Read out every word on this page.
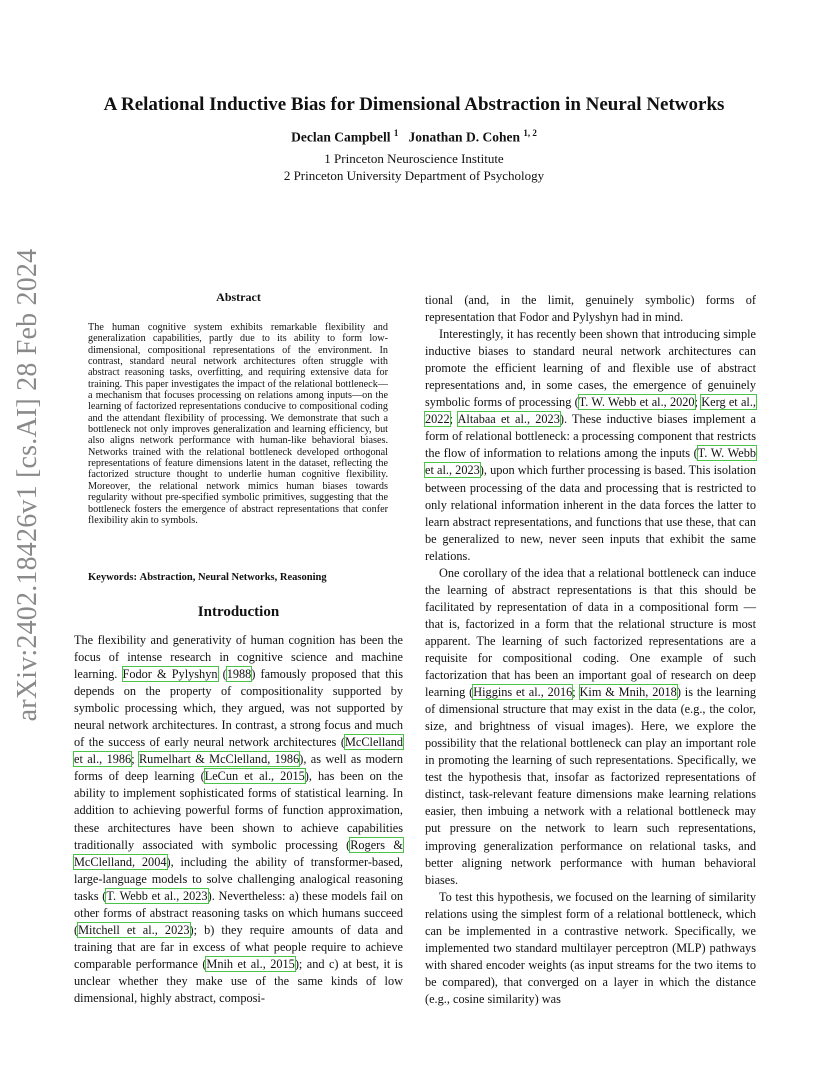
arXiv:2402.18426v1 [cs.AI] 28 Feb 2024
A Relational Inductive Bias for Dimensional Abstraction in Neural Networks
Declan Campbell $^1$ Jonathan D. Cohen $^{1, 2}$
1 Princeton Neuroscience Institute
2 Princeton University Department of Psychology
Abstract
The human cognitive system exhibits remarkable flexibility and generalization capabilities, partly due to its ability to form low-dimensional, compositional representations of the environment. In contrast, standard neural network architectures often struggle with abstract reasoning tasks, overfitting, and requiring extensive data for training. This paper investigates the impact of the relational bottleneck—a mechanism that focuses processing on relations among inputs—on the learning of factorized representations conducive to compositional coding and the attendant flexibility of processing. We demonstrate that such a bottleneck not only improves generalization and learning efficiency, but also aligns network performance with human-like behavioral biases. Networks trained with the relational bottleneck developed orthogonal representations of feature dimensions latent in the dataset, reflecting the factorized structure thought to underlie human cognitive flexibility. Moreover, the relational network mimics human biases towards regularity without pre-specified symbolic primitives, suggesting that the bottleneck fosters the emergence of abstract representations that confer flexibility akin to symbols.
Keywords: Abstraction, Neural Networks, Reasoning
Introduction

The flexibility and generativity of human cognition has been the focus of intense research in cognitive science and machine learning. Fodor & Pylyshyn (1988) famously proposed that this depends on the property of compositionality supported by symbolic processing which, they argued, was not supported by neural network architectures. In contrast, a strong focus and much of the success of early neural network architectures (McClelland et al., 1986; Rumelhart & McClelland, 1986), as well as modern forms of deep learning (LeCun et al., 2015), has been on the ability to implement sophisticated forms of statistical learning. In addition to achieving powerful forms of function approximation, these architectures have been shown to achieve capabilities traditionally associated with symbolic processing (Rogers & McClelland, 2004), including the ability of transformer-based, large-language models to solve challenging analogical reasoning tasks (T. Webb et al., 2023). Nevertheless: a) these models fail on other forms of abstract reasoning tasks on which humans succeed (Mitchell et al., 2023); b) they require amounts of data and training that are far in excess of what people require to achieve comparable performance (Mnih et al., 2015); and c) at best, it is unclear whether they make use of the same kinds of low dimensional, highly abstract, composi-

tional (and, in the limit, genuinely symbolic) forms of representation that Fodor and Pylyshyn had in mind.

Interestingly, it has recently been shown that introducing simple inductive biases to standard neural network architectures can promote the efficient learning of and flexible use of abstract representations and, in some cases, the emergence of genuinely symbolic forms of processing (T. W. Webb et al., 2020; Kerg et al., 2022; Altabaa et al., 2023). These inductive biases implement a form of relational bottleneck: a processing component that restricts the flow of information to relations among the inputs (T. W. Webb et al., 2023), upon which further processing is based. This isolation between processing of the data and processing that is restricted to only relational information inherent in the data forces the latter to learn abstract representations, and functions that use these, that can be generalized to new, never seen inputs that exhibit the same relations.

One corollary of the idea that a relational bottleneck can induce the learning of abstract representations is that this should be facilitated by representation of data in a compositional form — that is, factorized in a form that the relational structure is most apparent. The learning of such factorized representations are a requisite for compositional coding. One example of such factorization that has been an important goal of research on deep learning (Higgins et al., 2016; Kim & Mnih, 2018) is the learning of dimensional structure that may exist in the data (e.g., the color, size, and brightness of visual images). Here, we explore the possibility that the relational bottleneck can play an important role in promoting the learning of such representations. Specifically, we test the hypothesis that, insofar as factorized representations of distinct, task-relevant feature dimensions make learning relations easier, then imbuing a network with a relational bottleneck may put pressure on the network to learn such representations, improving generalization performance on relational tasks, and better aligning network performance with human behavioral biases.

To test this hypothesis, we focused on the learning of similarity relations using the simplest form of a relational bottleneck, which can be implemented in a contrastive network. Specifically, we implemented two standard multilayer perceptron (MLP) pathways with shared encoder weights (as input streams for the two items to be compared), that converged on a layer in which the distance (e.g., cosine similarity) was
